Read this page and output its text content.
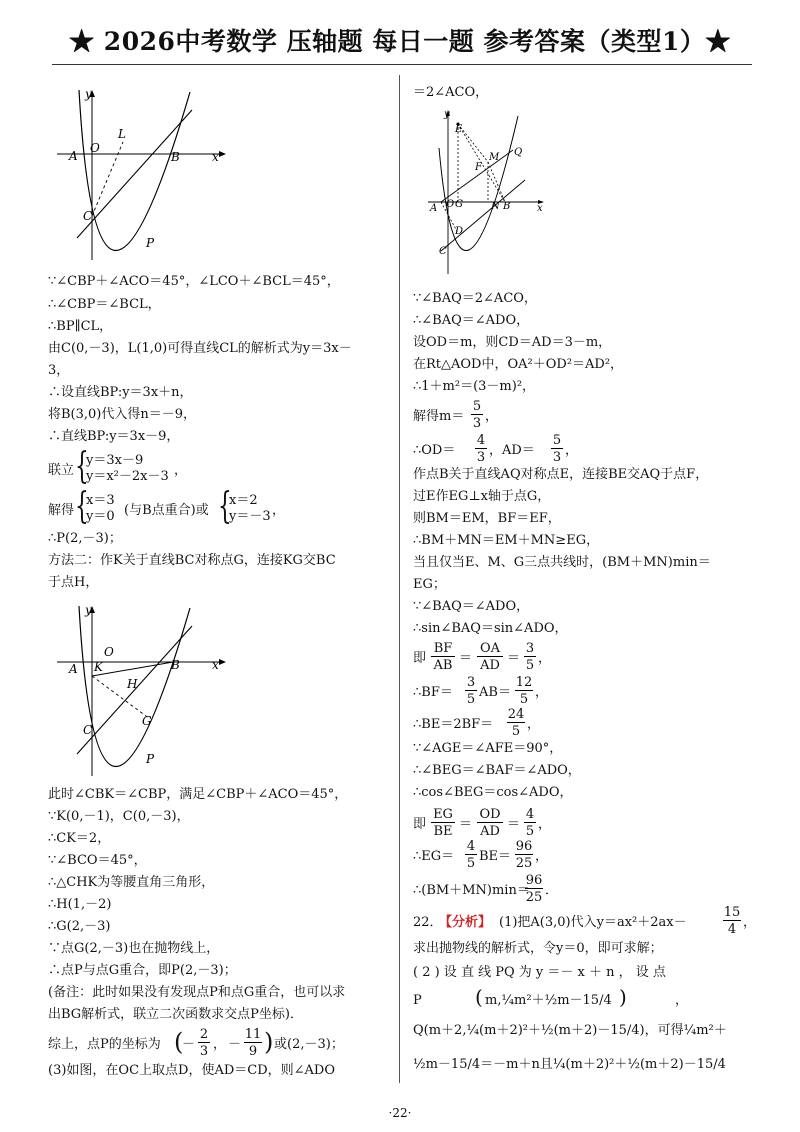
★ 2026中考数学 压轴题 每日一题 参考答案（类型1）★
y
x
O
A	B
C
L
P
y
x
O
A K	B
H
G
C
P
y
x
E
M
F
Q
O G
A	N B
D
C
∵∠CBP＋∠ACO＝45°，∠LCO＋∠BCL＝45°，
∴∠CBP＝∠BCL，
∴BP∥CL，
由C(0,－3)，L(1,0)可得直线CL的解析式为y＝3x－
3，
∴设直线BP:y＝3x＋n，
将B(3,0)代入得n＝－9，
∴直线BP:y＝3x－9，
联立 {
y＝3x－9
y＝x²－2x－3 ，
解得 {
x＝3
y＝0 (与B点重合)或 {
x＝2
y＝－3 ，
∴P(2,－3)；
方法二：作K关于直线BC对称点G，连接KG交BC
于点H，
此时∠CBK＝∠CBP，满足∠CBP＋∠ACO＝45°，
∵K(0,－1)，C(0,－3)，
∴CK＝2，
∵∠BCO＝45°，
∴△CHK为等腰直角三角形，
∴H(1,－2)
∴G(2,－3)
∵点G(2,－3)也在抛物线上，
∴点P与点G重合，即P(2,－3)；
(备注：此时如果没有发现点P和点G重合，也可以求
出BG解析式，联立二次函数求交点P坐标)．
综上，点P的坐标为 (
－
2
3 ， －
11
9 ) 或(2,－3)；
(3)如图，在OC上取点D，使AD＝CD，则∠ADO
＝2∠ACO，
∵∠BAQ＝2∠ACO，
∴∠BAQ＝∠ADO，
设OD＝m，则CD＝AD＝3－m，
在Rt△AOD中，OA²＋OD²＝AD²，
∴1＋m²＝(3－m)²，
解得m＝
5
3 ，
∴OD＝
4
3 ，AD＝
5
3 ，
作点B关于直线AQ对称点E，连接BE交AQ于点F，
过E作EG⊥x轴于点G，
则BM＝EM，BF＝EF，
∴BM＋MN＝EM＋MN≥EG，
当且仅当E、M、G三点共线时，(BM＋MN)min＝
EG；
∵∠BAQ＝∠ADO，
∴sin∠BAQ＝sin∠ADO，
即
BF
AB ＝
OA
AD ＝
3
5 ，
∴BF＝
3
5 AB＝
12
5 ，
∴BE＝2BF＝
24
5 ，
∵∠AGE＝∠AFE＝90°，
∴∠BEG＝∠BAF＝∠ADO，
∴cos∠BEG＝cos∠ADO，
即
EG
BE ＝
OD
AD ＝
4
5 ，
∴EG＝
4
5 BE＝
96
25 ，
∴(BM＋MN)min＝
96
25 ．
22．
【分析】 (1)把A(3,0)代入y＝ax²＋2ax－
15
4 ，
求出抛物线的解析式，令y＝0，即可求解；
( 2 ) 设 直 线 PQ 为 y ＝－ x ＋ n ， 设 点
P	( m,¼m²＋½m－15/4 )	，
Q(m＋2,¼(m＋2)²＋½(m＋2)－15/4)，可得¼m²＋
½m－15/4＝－m＋n且¼(m＋2)²＋½(m＋2)－15/4
·22·
